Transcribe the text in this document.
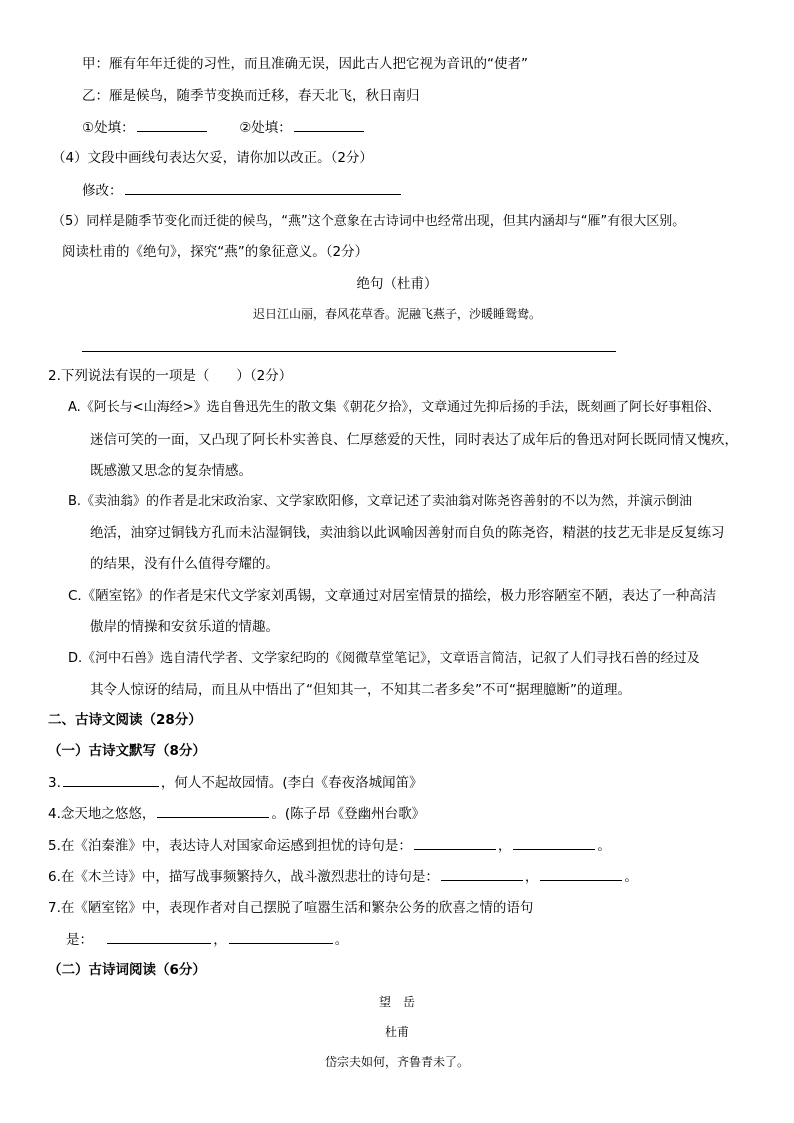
甲：雁有年年迁徙的习性，而且准确无误，因此古人把它视为音讯的“使者”
乙：雁是候鸟，随季节变换而迁移，春天北飞，秋日南归
①处填：	②处填：
（4）文段中画线句表达欠妥，请你加以改正。（2分）
修改：
（5）同样是随季节变化而迁徙的候鸟，“燕”这个意象在古诗词中也经常出现，但其内涵却与“雁”有很大区别。
阅读杜甫的《绝句》，探究“燕”的象征意义。（2分）
绝句（杜甫）
迟日江山丽，春风花草香。泥融飞燕子，沙暖睡鸳鸯。
2.下列说法有误的一项是（　　）（2分）
A.《阿长与<山海经>》选自鲁迅先生的散文集《朝花夕拾》，文章通过先抑后扬的手法，既刻画了阿长好事粗俗、
迷信可笑的一面，又凸现了阿长朴实善良、仁厚慈爱的天性，同时表达了成年后的鲁迅对阿长既同情又愧疚，
既感激又思念的复杂情感。
B.《卖油翁》的作者是北宋政治家、文学家欧阳修，文章记述了卖油翁对陈尧咨善射的不以为然，并演示倒油
绝活，油穿过铜钱方孔而未沾湿铜钱，卖油翁以此讽喻因善射而自负的陈尧咨，精湛的技艺无非是反复练习
的结果，没有什么值得夸耀的。
C.《陋室铭》的作者是宋代文学家刘禹锡，文章通过对居室情景的描绘，极力形容陋室不陋，表达了一种高洁
傲岸的情操和安贫乐道的情趣。
D.《河中石兽》选自清代学者、文学家纪昀的《阅微草堂笔记》，文章语言简洁，记叙了人们寻找石兽的经过及
其令人惊讶的结局，而且从中悟出了“但知其一，不知其二者多矣”不可“据理臆断”的道理。
二、古诗文阅读（28分）
（一）古诗文默写（8分）
3.	，何人不起故园情。(李白《春夜洛城闻笛》
4.念天地之悠悠，	。(陈子昂《登幽州台歌》
5.在《泊秦淮》中，表达诗人对国家命运感到担忧的诗句是：	，	。
6.在《木兰诗》中，描写战事频繁持久，战斗激烈悲壮的诗句是：	，	。
7.在《陋室铭》中，表现作者对自己摆脱了喧嚣生活和繁杂公务的欣喜之情的语句
是：	，	。
（二）古诗词阅读（6分）
望　岳
杜甫
岱宗夫如何，齐鲁青未了。
